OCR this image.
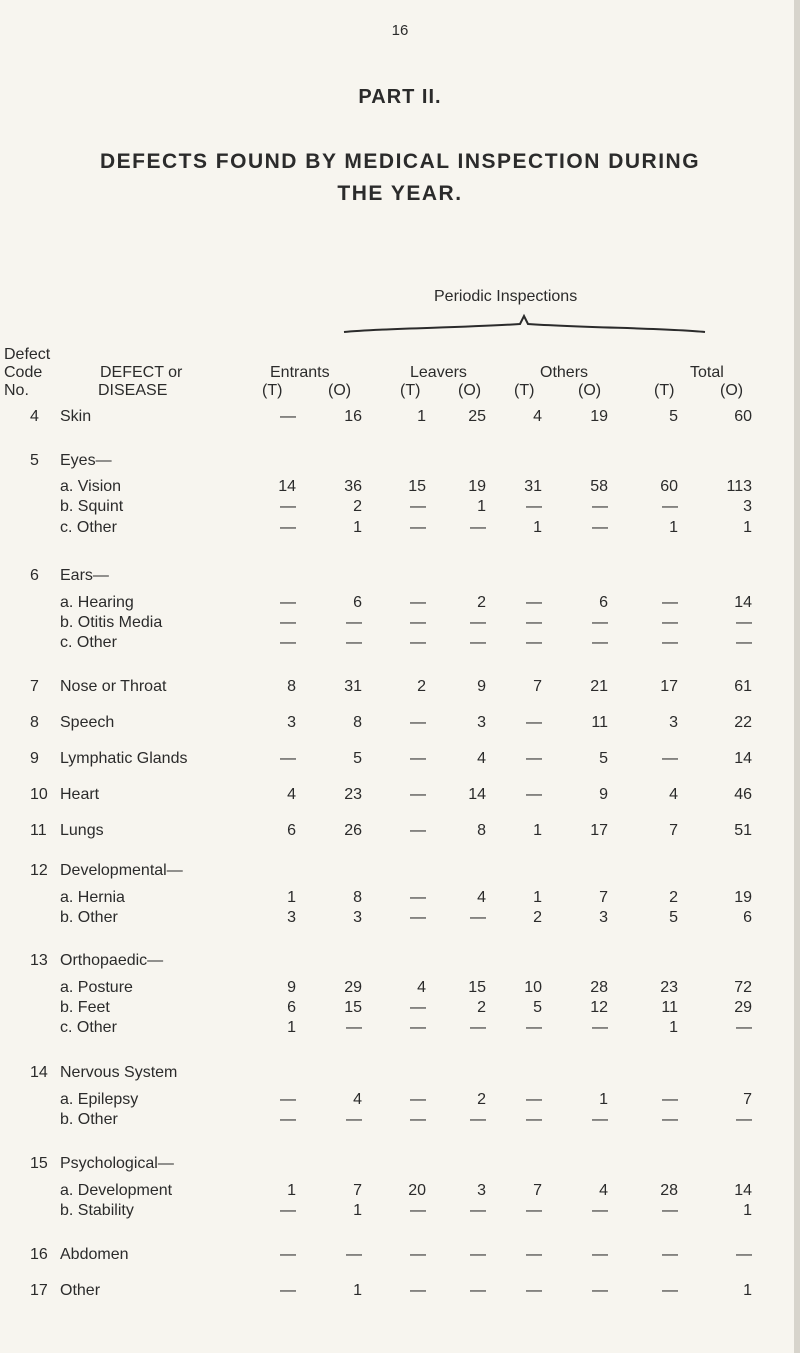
16
PART II.
DEFECTS FOUND BY MEDICAL INSPECTION DURING
THE YEAR.
Periodic Inspections
Defect
Code
No.
DEFECT or
DISEASE
Entrants	Leavers	Others	Total
(T)	(O)	(T) (O) (T)	(O)	(T)	(O)
4 Skin	—	16	1	25	4	19	5	60
5 Eyes—
a. Vision	14	36	15	19	31	58	60	113
b. Squint	—	2	—	1	—	—	—	3
c. Other	—	1	—	—	1	—	1	1
6 Ears—
a. Hearing	—	6	—	2	—	6	—	14
b. Otitis Media	—	—	—	—	—	—	—	—
c. Other	—	—	—	—	—	—	—	—
7 Nose or Throat	8	31	2	9	7	21	17	61
8 Speech	3	8	—	3	—	11	3	22
9 Lymphatic Glands	—	5	—	4	—	5	—	14
10 Heart	4	23	—	14	—	9	4	46
11 Lungs	6	26	—	8	1	17	7	51
12 Developmental—
a. Hernia	1	8	—	4	1	7	2	19
b. Other	3	3	—	—	2	3	5	6
13 Orthopaedic—
a. Posture	9	29	4	15	10	28	23	72
b. Feet	6	15	—	2	5	12	11	29
c. Other	1	—	—	—	—	—	1	—
14 Nervous System
a. Epilepsy	—	4	—	2	—	1	—	7
b. Other	—	—	—	—	—	—	—	—
15 Psychological—
a. Development	1	7	20	3	7	4	28	14
b. Stability	—	1	—	—	—	—	—	1
16 Abdomen	—	—	—	—	—	—	—	—
17 Other	—	1	—	—	—	—	—	1
